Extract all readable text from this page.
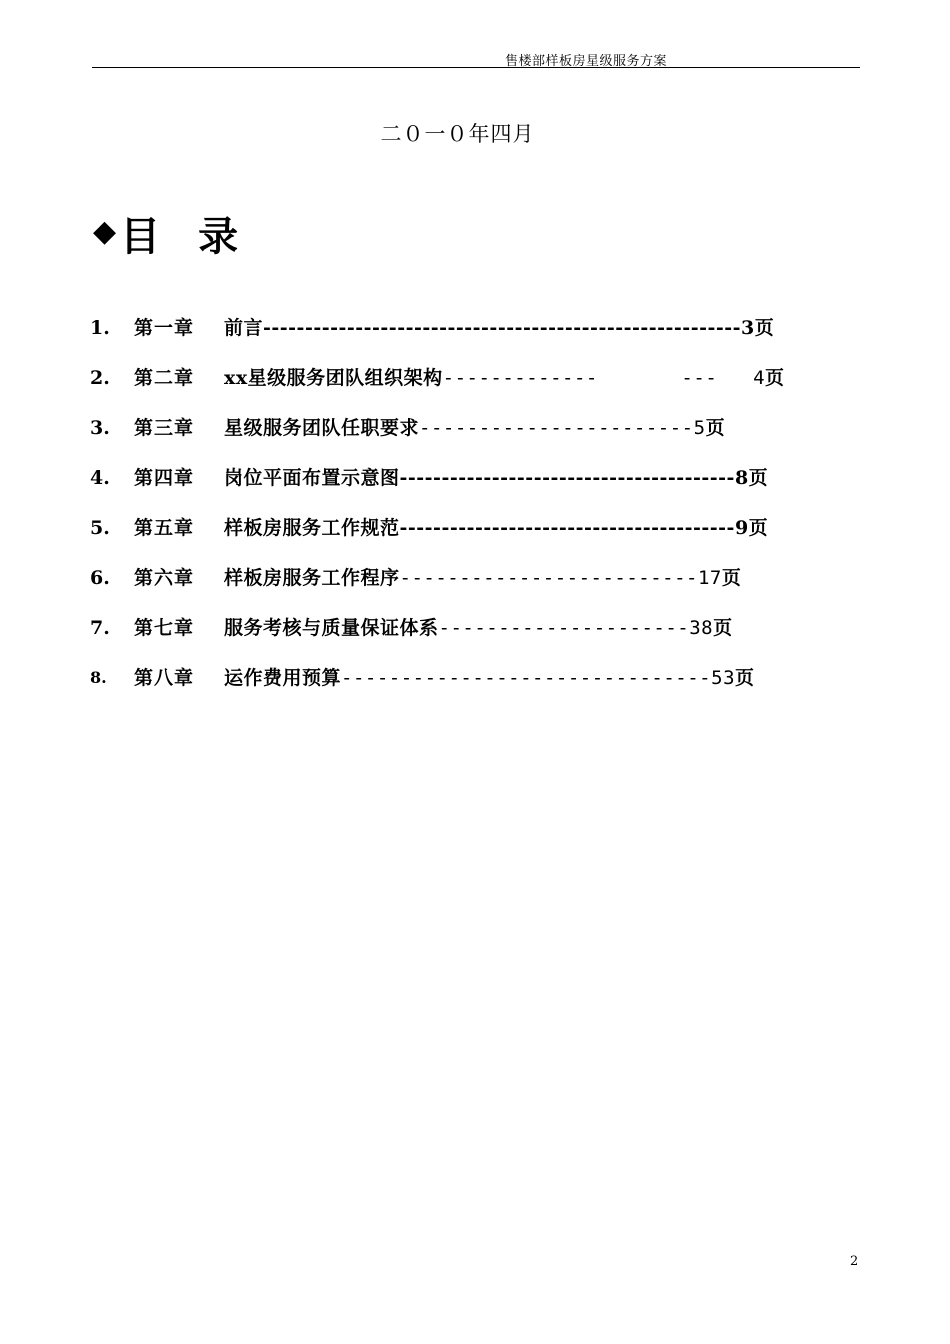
售楼部样板房星级服务方案
二０一０年四月
◆ 目 录
1.	第一章 前言---------------------------------------------------------3页
2.	第二章 xx星级服务团队组织架构-------------       ---   4页
3.	第三章 星级服务团队任职要求-----------------------5页
4.	第四章 岗位平面布置示意图----------------------------------------8页
5.	第五章 样板房服务工作规范----------------------------------------9页
6.	第六章 样板房服务工作程序-------------------------17页
7.	第七章 服务考核与质量保证体系---------------------38页
8.	第八章 运作费用预算-------------------------------53页
2
